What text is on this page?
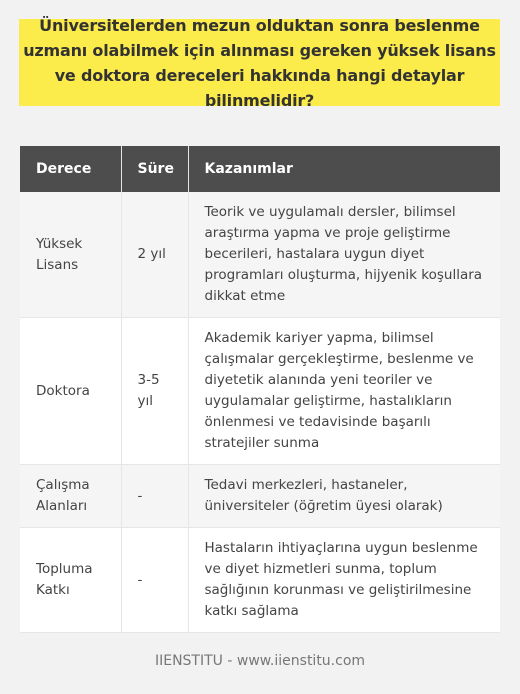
Üniversitelerden mezun olduktan sonra beslenme uzmanı olabilmek için alınması gereken yüksek lisans ve doktora dereceleri hakkında hangi detaylar bilinmelidir?
Derece	Süre	Kazanımlar
Yüksek Lisans	2 yıl	Teorik ve uygulamalı dersler, bilimsel araştırma yapma ve proje geliştirme becerileri, hastalara uygun diyet programları oluşturma, hijyenik koşullara dikkat etme
Doktora	3-5 yıl	Akademik kariyer yapma, bilimsel çalışmalar gerçekleştirme, beslenme ve diyetetik alanında yeni teoriler ve uygulamalar geliştirme, hastalıkların önlenmesi ve tedavisinde başarılı stratejiler sunma
Çalışma Alanları	-	Tedavi merkezleri, hastaneler, üniversiteler (öğretim üyesi olarak)
Topluma Katkı	-	Hastaların ihtiyaçlarına uygun beslenme ve diyet hizmetleri sunma, toplum sağlığının korunması ve geliştirilmesine katkı sağlama
IIENSTITU - www.iienstitu.com
